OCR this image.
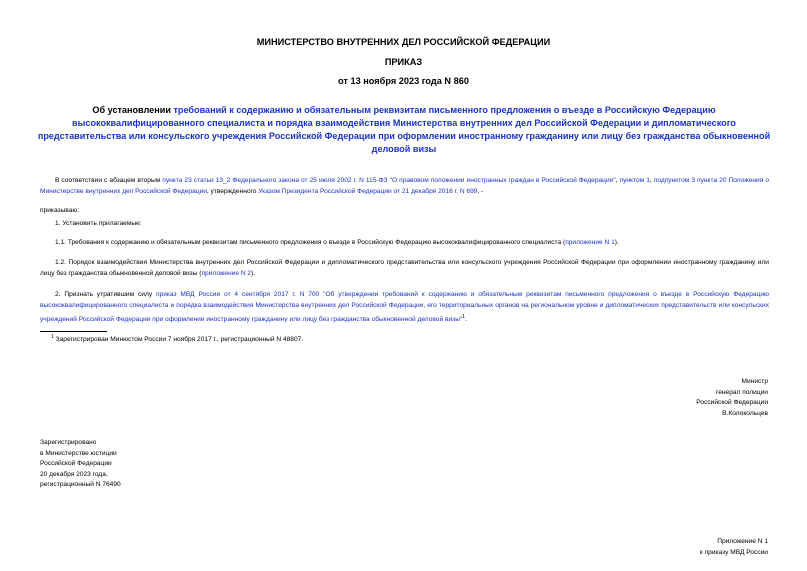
МИНИСТЕРСТВО ВНУТРЕННИХ ДЕЛ РОССИЙСКОЙ ФЕДЕРАЦИИ
ПРИКАЗ
от 13 ноября 2023 года N 860
Об установлении требований к содержанию и обязательным реквизитам письменного предложения о въезде в Российскую Федерацию высококвалифицированного специалиста и порядка взаимодействия Министерства внутренних дел Российской Федерации и дипломатического представительства или консульского учреждения Российской Федерации при оформлении иностранному гражданину или лицу без гражданства обыкновенной деловой визы
В соответствии с абзацем вторым пункта 23 статьи 13_2 Федерального закона от 25 июля 2002 г. N 115-ФЗ "О правовом положении иностранных граждан в Российской Федерации", пунктом 1, подпунктом 3 пункта 20 Положения о Министерстве внутренних дел Российской Федерации, утвержденного Указом Президента Российской Федерации от 21 декабря 2016 г. N 699, -
приказываю:
1. Установить прилагаемые:
1.1. Требования к содержанию и обязательным реквизитам письменного предложения о въезде в Российскую Федерацию высококвалифицированного специалиста (приложение N 1).
1.2. Порядок взаимодействия Министерства внутренних дел Российской Федерации и дипломатического представительства или консульского учреждения Российской Федерации при оформлении иностранному гражданину или лицу без гражданства обыкновенной деловой визы (приложение N 2).
2. Признать утратившим силу приказ МВД России от 4 сентября 2017 г. N 700 "Об утверждении требований к содержанию и обязательным реквизитам письменного предложения о въезде в Российскую Федерацию высококвалифицированного специалиста и порядка взаимодействия Министерства внутренних дел Российской Федерации, его территориальных органов на региональном уровне и дипломатических представительств или консульских учреждений Российской Федерации при оформлении иностранному гражданину или лицу без гражданства обыкновенной деловой визы"$^1$.
$^1$ Зарегистрирован Минюстом России 7 ноября 2017 г., регистрационный N 48807.
Министр
генерал полиции
Российской Федерации
В.Колокольцев
Зарегистрировано
в Министерстве юстиции
Российской Федерации
20 декабря 2023 года,
регистрационный N 76490
Приложение N 1
к приказу МВД России
